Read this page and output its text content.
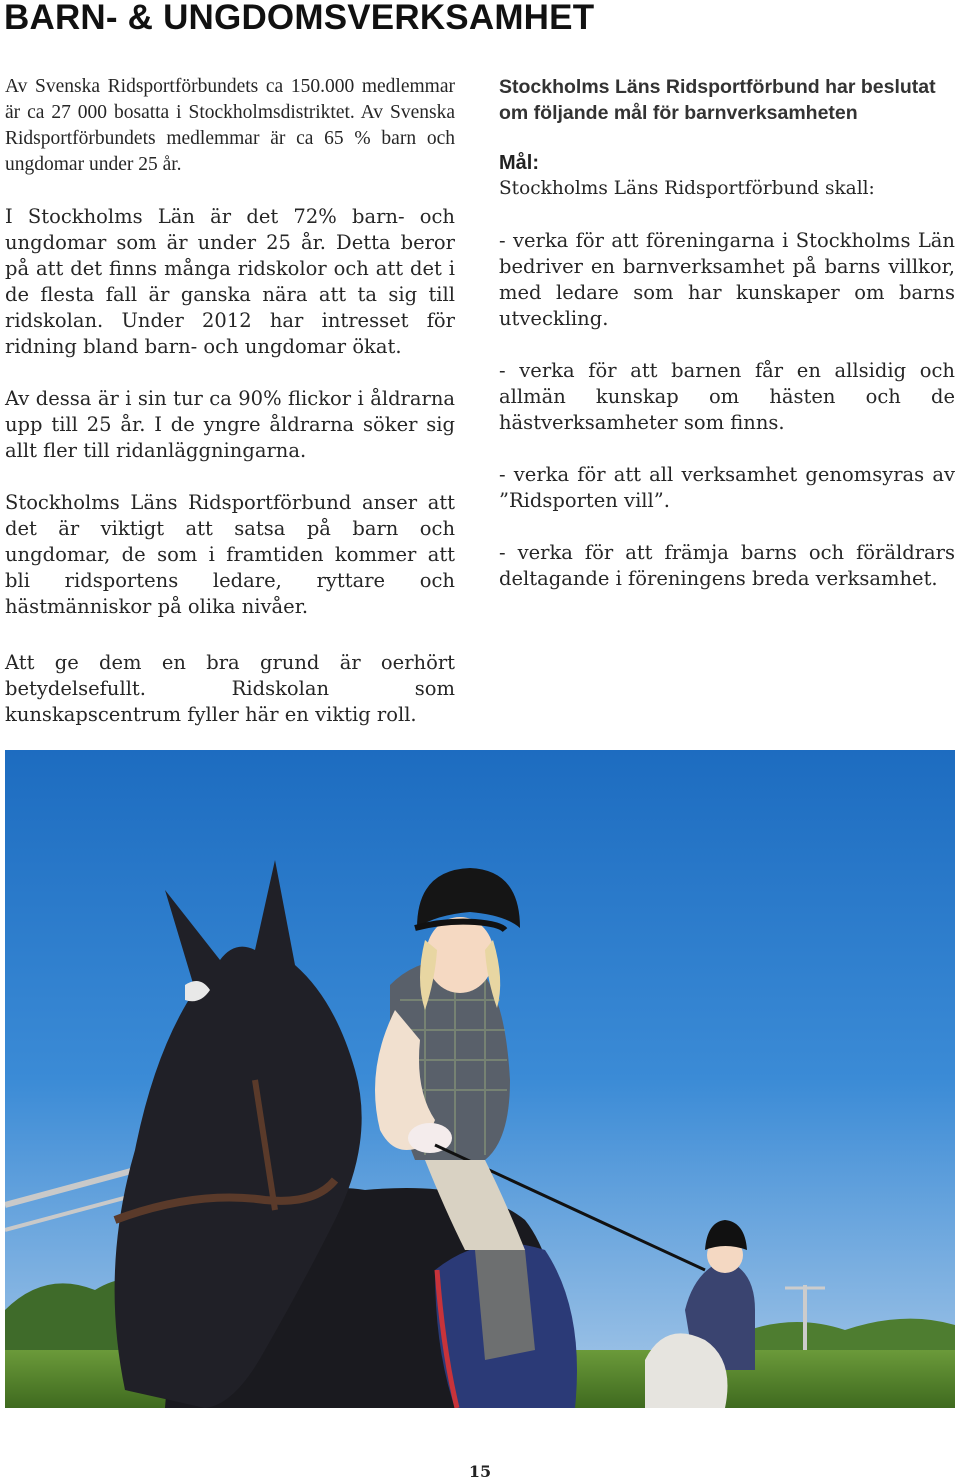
BARN- & UNGDOMSVERKSAMHET

Av Svenska Ridsportförbundets ca 150.000 medlemmar är ca 27 000 bosatta i Stockholmsdistriktet. Av Svenska Ridsportförbundets medlemmar är ca 65 % barn och ungdomar under 25 år.

I Stockholms Län är det 72% barn- och ungdomar som är under 25 år. Detta beror på att det finns många ridskolor och att det i de flesta fall är ganska nära att ta sig till ridskolan. Under 2012 har intresset för ridning bland barn- och ungdomar ökat.

Av dessa är i sin tur ca 90% flickor i åldrarna upp till 25 år. I de yngre åldrarna söker sig allt fler till ridanläggningarna.

Stockholms Läns Ridsportförbund anser att det är viktigt att satsa på barn och ungdomar, de som i framtiden kommer att bli ridsportens ledare, ryttare och hästmänniskor på olika nivåer.

Att ge dem en bra grund är oerhört betydelsefullt. Ridskolan som kunskapscentrum fyller här en viktig roll.

Stockholms Läns Ridsportförbund har beslutat om följande mål för barnverksamheten
Mål:
Stockholms Läns Ridsportförbund skall:

- verka för att föreningarna i Stockholms Län bedriver en barnverksamhet på barns villkor, med ledare som har kunskaper om barns utveckling.

- verka för att barnen får en allsidig och allmän kunskap om hästen och de hästverksamheter som finns.

- verka för att all verksamhet genomsyras av ”Ridsporten vill”.

- verka för att främja barns och föräldrars deltagande i föreningens breda verksamhet.

15
